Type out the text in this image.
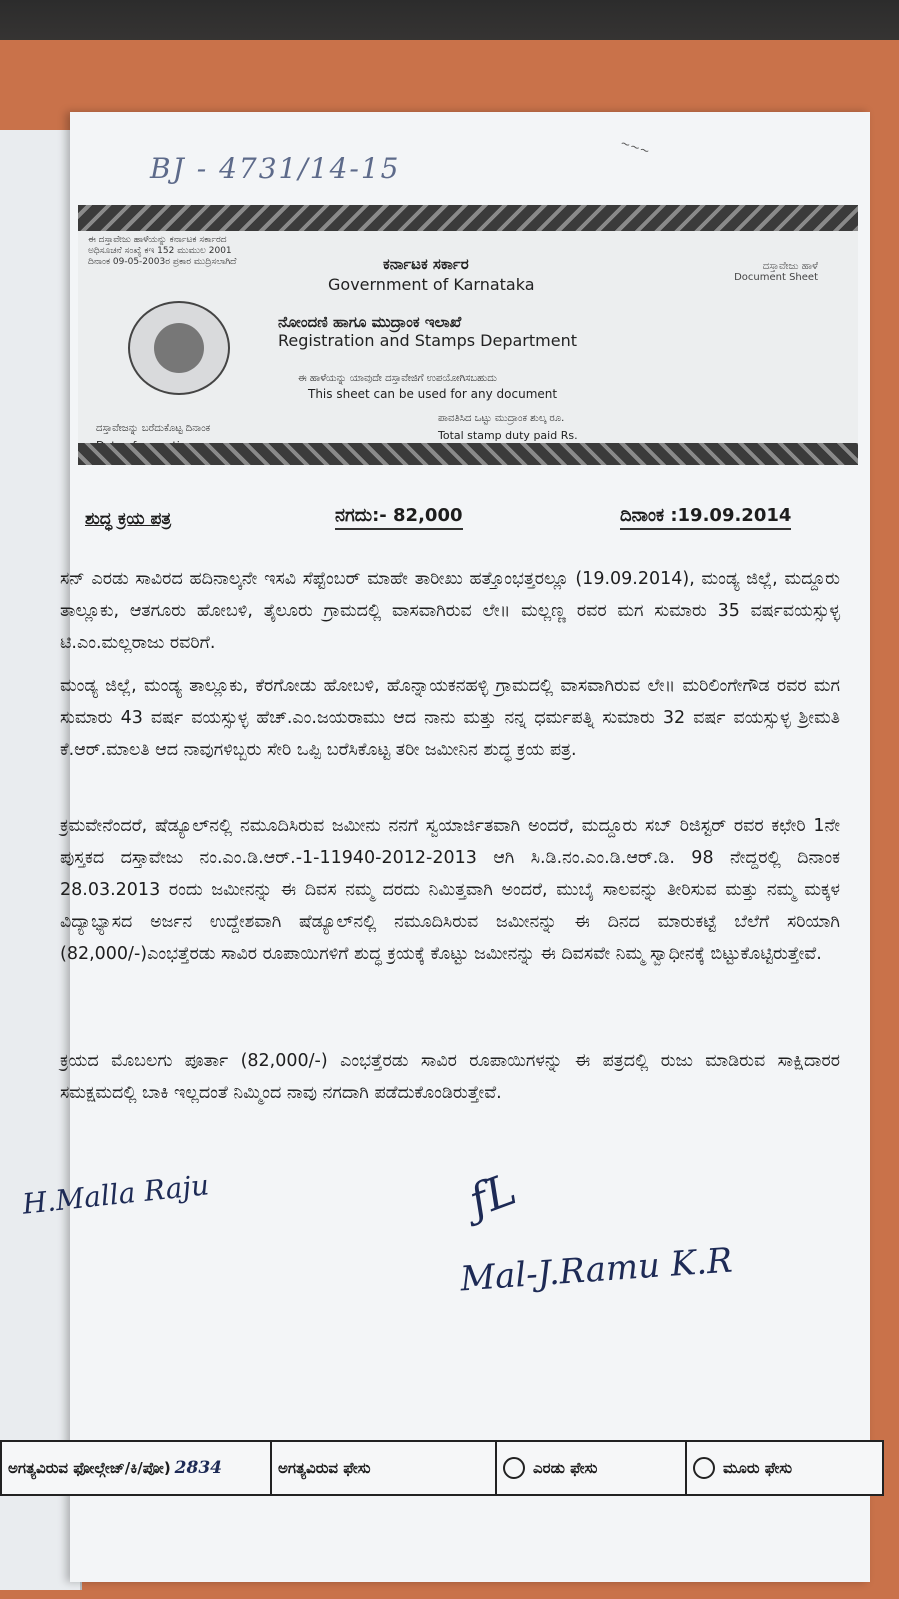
BJ - 4731/14-15
~~~
ಈ ದಸ್ತಾವೇಜು ಹಾಳೆಯನ್ನು ಕರ್ನಾಟಕ ಸರ್ಕಾರದ
ಅಧಿಸೂಚನೆ ಸಂಖ್ಯೆ ಕಇ 152 ಮುಮುಲ 2001
ದಿನಾಂಕ 09-05-2003ರ ಪ್ರಕಾರ ಮುದ್ರಿಸಲಾಗಿದೆ	ಕರ್ನಾಟಕ ಸರ್ಕಾರ
Government of Karnataka
ನೋಂದಣಿ ಹಾಗೂ ಮುದ್ರಾಂಕ ಇಲಾಖೆ
Registration and Stamps Department
ಈ ಹಾಳೆಯನ್ನು ಯಾವುದೇ ದಸ್ತಾವೇಜಿಗೆ ಉಪಯೋಗಿಸಬಹುದು
This sheet can be used for any document
ದಸ್ತಾವೇಜನ್ನು ಬರೆದುಕೊಟ್ಟ ದಿನಾಂಕ
ಪಾವತಿಸಿದ ಒಟ್ಟು ಮುದ್ರಾಂಕ ಶುಲ್ಕ ರೂ.
Total stamp duty paid Rs.
ದಸ್ತಾವೇಜು ಹಾಳೆ
Document Sheet
ಶುದ್ಧ ಕ್ರಯ ಪತ್ರ	ನಗದು:- 82,000	ದಿನಾಂಕ :19.09.2014
ಸನ್ ಎರಡು ಸಾವಿರದ ಹದಿನಾಲ್ಕನೇ ಇಸವಿ ಸೆಪ್ಟೆಂಬರ್ ಮಾಹೇ ತಾರೀಖು ಹತ್ತೊಂಭತ್ತರಲ್ಲೂ (19.09.2014), ಮಂಡ್ಯ ಜಿಲ್ಲೆ, ಮದ್ದೂರು ತಾಲ್ಲೂಕು, ಆತಗೂರು ಹೋಬಳಿ, ತೈಲೂರು ಗ್ರಾಮದಲ್ಲಿ ವಾಸವಾಗಿರುವ ಲೇ॥ ಮಲ್ಲಣ್ಣ ರವರ ಮಗ ಸುಮಾರು 35 ವರ್ಷವಯಸ್ಸುಳ್ಳ ಟಿ.ಎಂ.ಮಲ್ಲರಾಜು ರವರಿಗೆ.
ಮಂಡ್ಯ ಜಿಲ್ಲೆ, ಮಂಡ್ಯ ತಾಲ್ಲೂಕು, ಕೆರಗೋಡು ಹೋಬಳಿ, ಹೊನ್ನಾಯಕನಹಳ್ಳಿ ಗ್ರಾಮದಲ್ಲಿ ವಾಸವಾಗಿರುವ ಲೇ॥ ಮರಿಲಿಂಗೇಗೌಡ ರವರ ಮಗ ಸುಮಾರು 43 ವರ್ಷ ವಯಸ್ಸುಳ್ಳ ಹೆಚ್.ಎಂ.ಜಯರಾಮು ಆದ ನಾನು ಮತ್ತು ನನ್ನ ಧರ್ಮಪತ್ನಿ ಸುಮಾರು 32 ವರ್ಷ ವಯಸ್ಸುಳ್ಳ ಶ್ರೀಮತಿ ಕೆ.ಆರ್.ಮಾಲತಿ ಆದ ನಾವುಗಳಿಬ್ಬರು ಸೇರಿ ಒಪ್ಪಿ ಬರೆಸಿಕೊಟ್ಟ ತರೀ ಜಮೀನಿನ ಶುದ್ಧ ಕ್ರಯ ಪತ್ರ.
ಕ್ರಮವೇನೆಂದರೆ, ಷೆಡ್ಯೂಲ್‌ನಲ್ಲಿ ನಮೂದಿಸಿರುವ ಜಮೀನು ನನಗೆ ಸ್ವಯಾರ್ಜಿತವಾಗಿ ಅಂದರೆ, ಮದ್ದೂರು ಸಬ್ ರಿಜಿಸ್ಟರ್ ರವರ ಕಛೇರಿ 1ನೇ ಪುಸ್ತಕದ ದಸ್ತಾವೇಜು ನಂ.ಎಂ.ಡಿ.ಆರ್.-1-11940-2012-2013 ಆಗಿ ಸಿ.ಡಿ.ನಂ.ಎಂ.ಡಿ.ಆರ್.ಡಿ. 98 ನೇದ್ದರಲ್ಲಿ ದಿನಾಂಕ 28.03.2013 ರಂದು ಜಮೀನನ್ನು ಈ ದಿವಸ ನಮ್ಮ ದರದು ನಿಮಿತ್ತವಾಗಿ ಅಂದರೆ, ಮುಬೈ ಸಾಲವನ್ನು ತೀರಿಸುವ ಮತ್ತು ನಮ್ಮ ಮಕ್ಕಳ ವಿದ್ಯಾಭ್ಯಾಸದ ಅರ್ಜನ ಉದ್ದೇಶವಾಗಿ ಷೆಡ್ಯೂಲ್‌ನಲ್ಲಿ ನಮೂದಿಸಿರುವ ಜಮೀನನ್ನು ಈ ದಿನದ ಮಾರುಕಟ್ಟೆ ಬೆಲೆಗೆ ಸರಿಯಾಗಿ (82,000/-)ಎಂಭತ್ತೆರಡು ಸಾವಿರ ರೂಪಾಯಿಗಳಿಗೆ ಶುದ್ಧ ಕ್ರಯಕ್ಕೆ ಕೊಟ್ಟು ಜಮೀನನ್ನು ಈ ದಿವಸವೇ ನಿಮ್ಮ ಸ್ವಾಧೀನಕ್ಕೆ ಬಿಟ್ಟುಕೊಟ್ಟಿರುತ್ತೇವೆ.
ಕ್ರಯದ ಮೊಬಲಗು ಪೂರ್ತಾ (82,000/-) ಎಂಭತ್ತೆರಡು ಸಾವಿರ ರೂಪಾಯಿಗಳನ್ನು ಈ ಪತ್ರದಲ್ಲಿ ರುಜು ಮಾಡಿರುವ ಸಾಕ್ಷಿದಾರರ ಸಮಕ್ಷಮದಲ್ಲಿ ಬಾಕಿ ಇಲ್ಲದಂತೆ ನಿಮ್ಮಿಂದ ನಾವು ನಗದಾಗಿ ಪಡೆದುಕೊಂಡಿರುತ್ತೇವೆ.
H.Malla Raju	ƒL
Mal‑J.Ramu K.R
ಅಗತ್ಯವಿರುವ ಫೋಲ್ಗೇಜ್/ಕಿ/ಪೋ) 2834	ಅಗತ್ಯವಿರುವ ಫೇಸು	ಎರಡು ಫೇಸು	ಮೂರು ಫೇಸು
